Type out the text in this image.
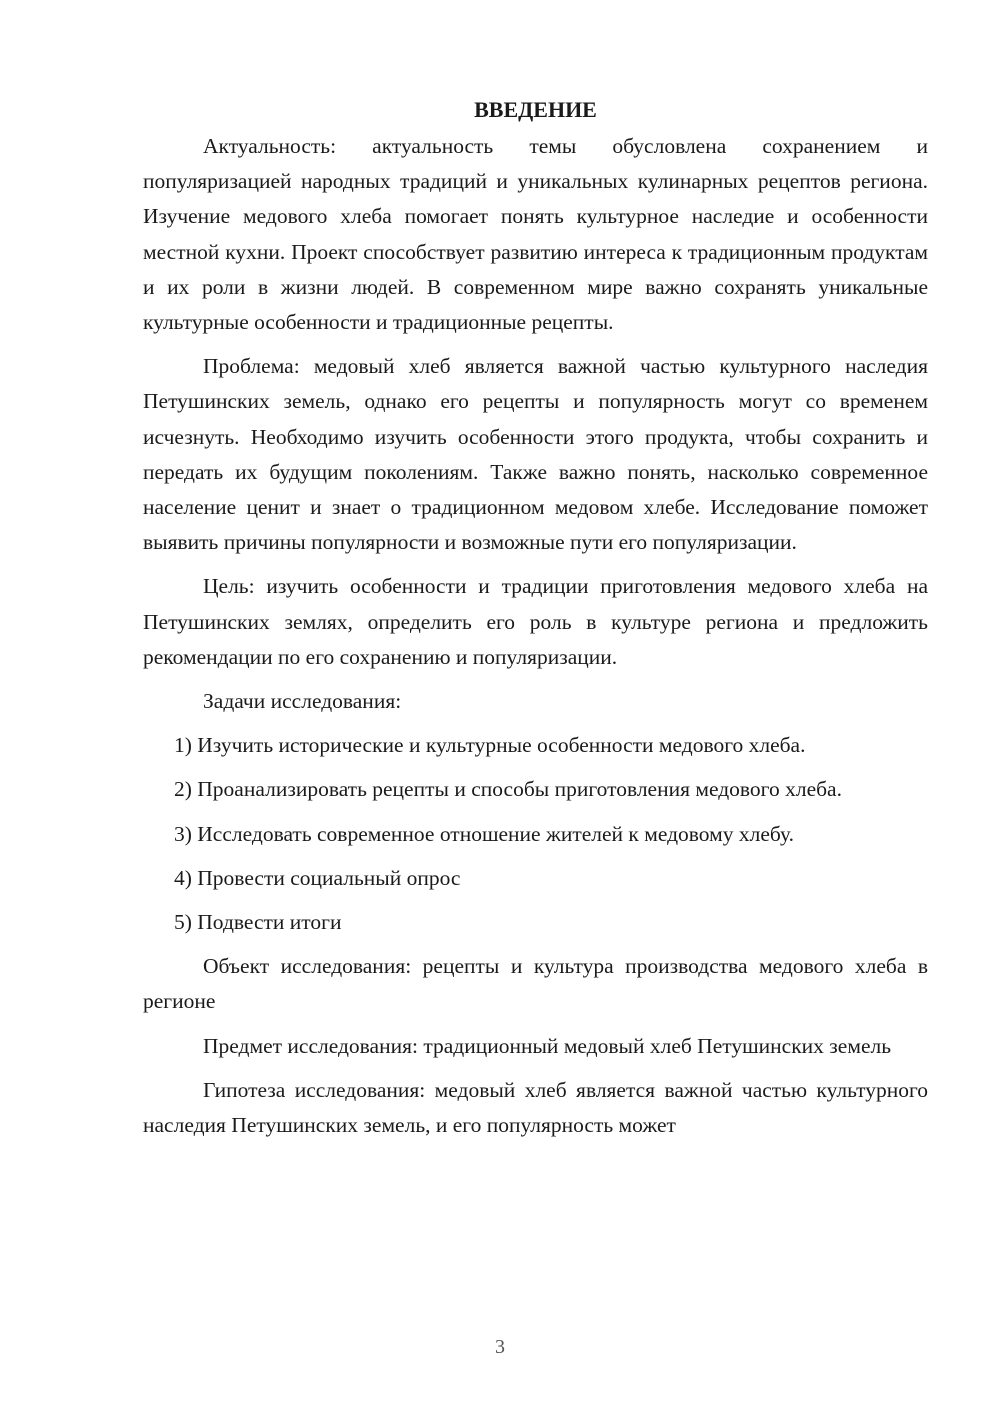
ВВЕДЕНИЕ

Актуальность: актуальность темы обусловлена сохранением и популяризацией народных традиций и уникальных кулинарных рецептов региона. Изучение медового хлеба помогает понять культурное наследие и особенности местной кухни. Проект способствует развитию интереса к традиционным продуктам и их роли в жизни людей. В современном мире важно сохранять уникальные культурные особенности и традиционные рецепты.

Проблема: медовый хлеб является важной частью культурного наследия Петушинских земель, однако его рецепты и популярность могут со временем исчезнуть. Необходимо изучить особенности этого продукта, чтобы сохранить и передать их будущим поколениям. Также важно понять, насколько современное население ценит и знает о традиционном медовом хлебе. Исследование поможет выявить причины популярности и возможные пути его популяризации.

Цель: изучить особенности и традиции приготовления медового хлеба на Петушинских землях, определить его роль в культуре региона и предложить рекомендации по его сохранению и популяризации.

Задачи исследования:

1) Изучить исторические и культурные особенности медового хлеба.

2) Проанализировать рецепты и способы приготовления медового хлеба.

3) Исследовать современное отношение жителей к медовому хлебу.

4) Провести социальный опрос

5) Подвести итоги

Объект исследования: рецепты и культура производства медового хлеба в регионе

Предмет исследования: традиционный медовый хлеб Петушинских земель

Гипотеза исследования: медовый хлеб является важной частью культурного наследия Петушинских земель, и его популярность может

3
